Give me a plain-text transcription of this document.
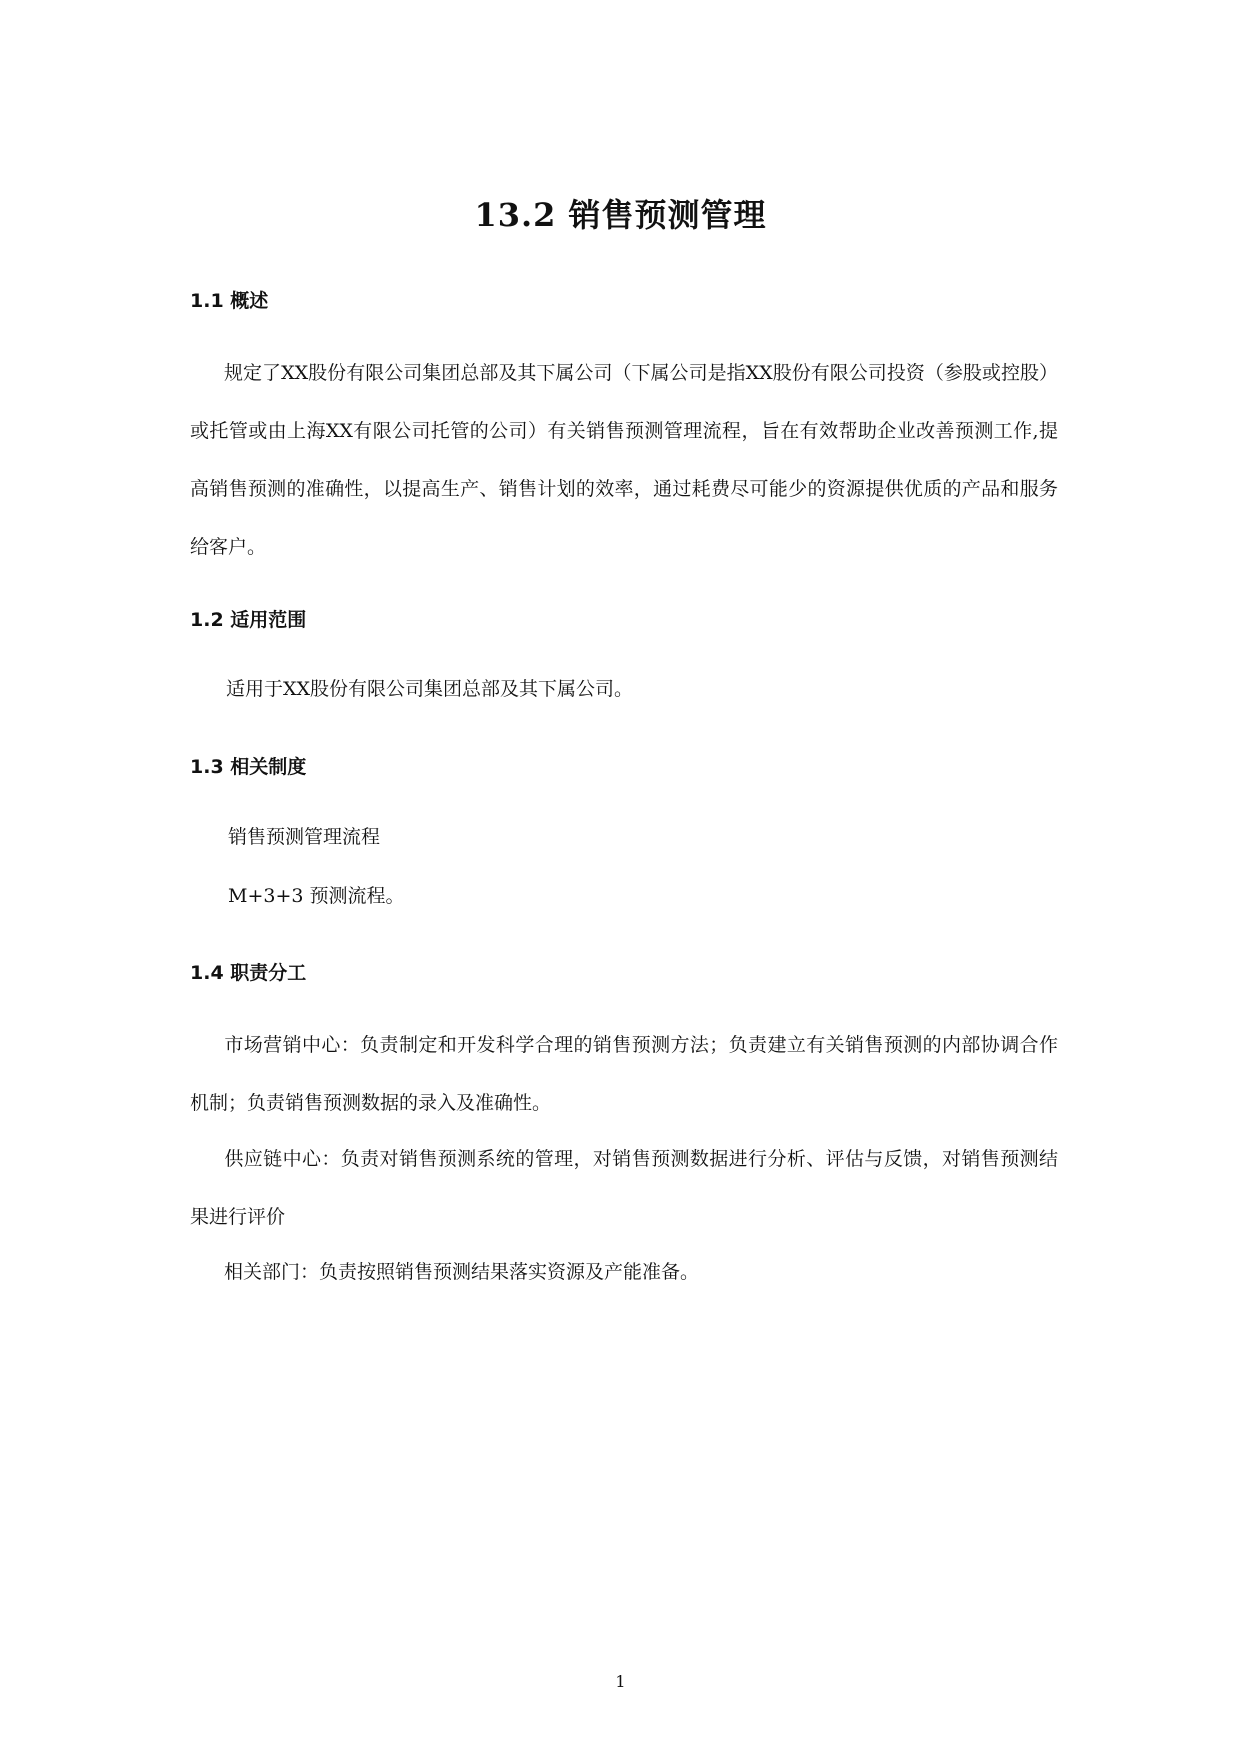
13.2 销售预测管理
1.1 概述
规定了XX股份有限公司集团总部及其下属公司（下属公司是指XX股份有限公司投资（参股或控股）或托管或由上海XX有限公司托管的公司）有关销售预测管理流程，旨在有效帮助企业改善预测工作,提高销售预测的准确性，以提高生产、销售计划的效率，通过耗费尽可能少的资源提供优质的产品和服务给客户。
1.2 适用范围
适用于XX股份有限公司集团总部及其下属公司。
1.3 相关制度
销售预测管理流程
M+3+3 预测流程。
1.4 职责分工
市场营销中心：负责制定和开发科学合理的销售预测方法；负责建立有关销售预测的内部协调合作机制；负责销售预测数据的录入及准确性。
供应链中心：负责对销售预测系统的管理，对销售预测数据进行分析、评估与反馈，对销售预测结果进行评价
相关部门：负责按照销售预测结果落实资源及产能准备。
1
